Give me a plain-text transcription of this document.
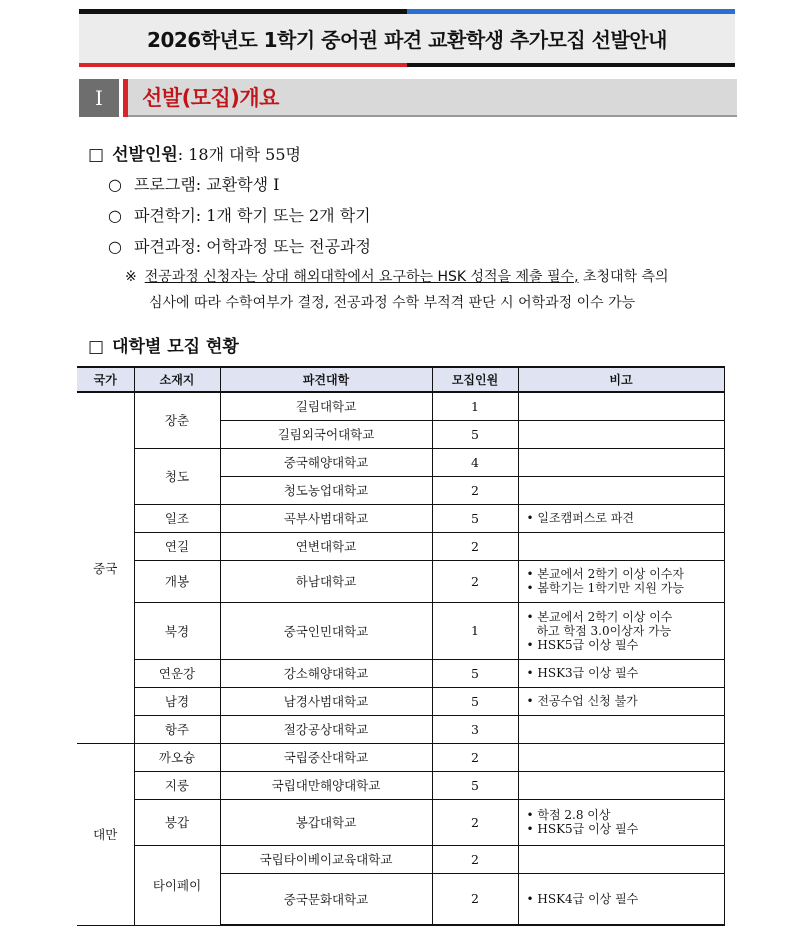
2026학년도 1학기 중어권 파견 교환학생 추가모집 선발안내
Ⅰ	선발(모집)개요
□ 선발인원: 18개 대학 55명
○ 프로그램: 교환학생 Ⅰ
○ 파견학기: 1개 학기 또는 2개 학기
○ 파견과정: 어학과정 또는 전공과정
※ 전공과정 신청자는 상대 해외대학에서 요구하는 HSK 성적을 제출 필수, 초청대학 측의
심사에 따라 수학여부가 결정, 전공과정 수학 부적격 판단 시 어학과정 이수 가능
□ 대학별 모집 현황
국가	소재지	파견대학	모집인원	비고
중국	장춘	길림대학교	1	
		길림외국어대학교	5	
	청도	중국해양대학교	4	
		청도농업대학교	2	
	일조	곡부사범대학교	5	• 일조캠퍼스로 파견
	연길	연변대학교	2	
	개봉	하남대학교	2	• 본교에서 2학기 이상 이수자
• 봄학기는 1학기만 지원 가능

	북경	중국인민대학교	1	• 본교에서 2학기 이상 이수
하고 학점 3.0이상자 가능
• HSK5급 이상 필수

	연운강	강소해양대학교	5	• HSK3급 이상 필수
	남경	남경사범대학교	5	• 전공수업 신청 불가
	항주	절강공상대학교	3	
대만	까오슝	국립중산대학교	2	
	지룽	국립대만해양대학교	5	
	붕갑	봉갑대학교	2	• 학점 2.8 이상
• HSK5급 이상 필수

	타이페이	국립타이베이교육대학교	2	
		중국문화대학교	2	• HSK4급 이상 필수
